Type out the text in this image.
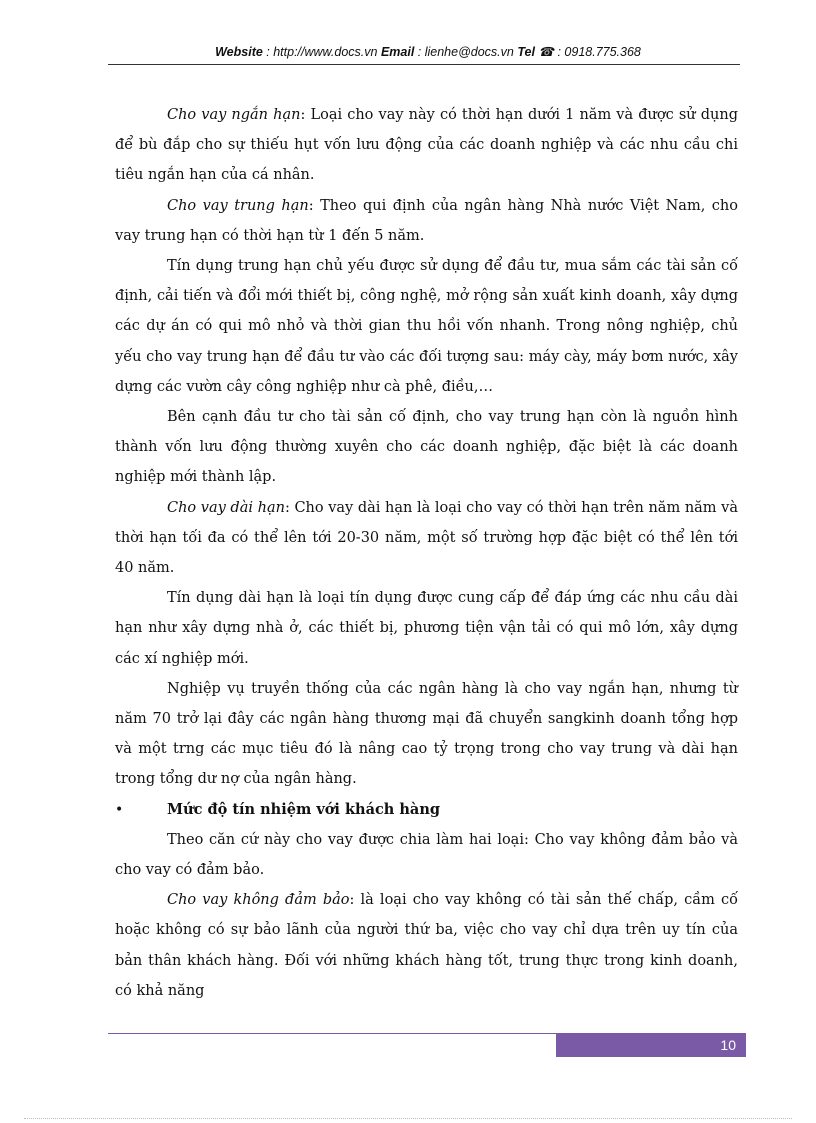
Website : http://www.docs.vn Email : lienhe@docs.vn Tel ☎ : 0918.775.368

Cho vay ngắn hạn: Loại cho vay này có thời hạn dưới 1 năm và được sử dụng để bù đắp cho sự thiếu hụt vốn lưu động của các doanh nghiệp và các nhu cầu chi tiêu ngắn hạn của cá nhân.

Cho vay trung hạn: Theo qui định của ngân hàng Nhà nước Việt Nam, cho vay trung hạn có thời hạn từ 1 đến 5 năm.

Tín dụng trung hạn chủ yếu được sử dụng để đầu tư, mua sắm các tài sản cố định, cải tiến và đổi mới thiết bị, công nghệ, mở rộng sản xuất kinh doanh, xây dựng các dự án có qui mô nhỏ và thời gian thu hồi vốn nhanh. Trong nông nghiệp, chủ yếu cho vay trung hạn để đầu tư vào các đối tượng sau: máy cày, máy bơm nước, xây dựng các vườn cây công nghiệp như cà phê, điều,…

Bên cạnh đầu tư cho tài sản cố định, cho vay trung hạn còn là nguồn hình thành vốn lưu động thường xuyên cho các doanh nghiệp, đặc biệt là các doanh nghiệp mới thành lập.

Cho vay dài hạn: Cho vay dài hạn là loại cho vay có thời hạn trên năm năm và thời hạn tối đa có thể lên tới 20-30 năm, một số trường hợp đặc biệt có thể lên tới 40 năm.

Tín dụng dài hạn là loại tín dụng được cung cấp để đáp ứng các nhu cầu dài hạn như xây dựng nhà ở, các thiết bị, phương tiện vận tải có qui mô lớn, xây dựng các xí nghiệp mới.

Nghiệp vụ truyền thống của các ngân hàng là cho vay ngắn hạn, nhưng từ năm 70 trở lại đây các ngân hàng thương mại đã chuyển sangkinh doanh tổng hợp và một trng các mục tiêu đó là nâng cao tỷ trọng trong cho vay trung và dài hạn trong tổng dư nợ của ngân hàng.

•	Mức độ tín nhiệm với khách hàng

Theo căn cứ này cho vay được chia làm hai loại: Cho vay không đảm bảo và cho vay có đảm bảo.

Cho vay không đảm bảo: là loại cho vay không có tài sản thế chấp, cầm cố hoặc không có sự bảo lãnh của người thứ ba, việc cho vay chỉ dựa trên uy tín của bản thân khách hàng. Đối với những khách hàng tốt, trung thực trong kinh doanh, có khả năng

10
